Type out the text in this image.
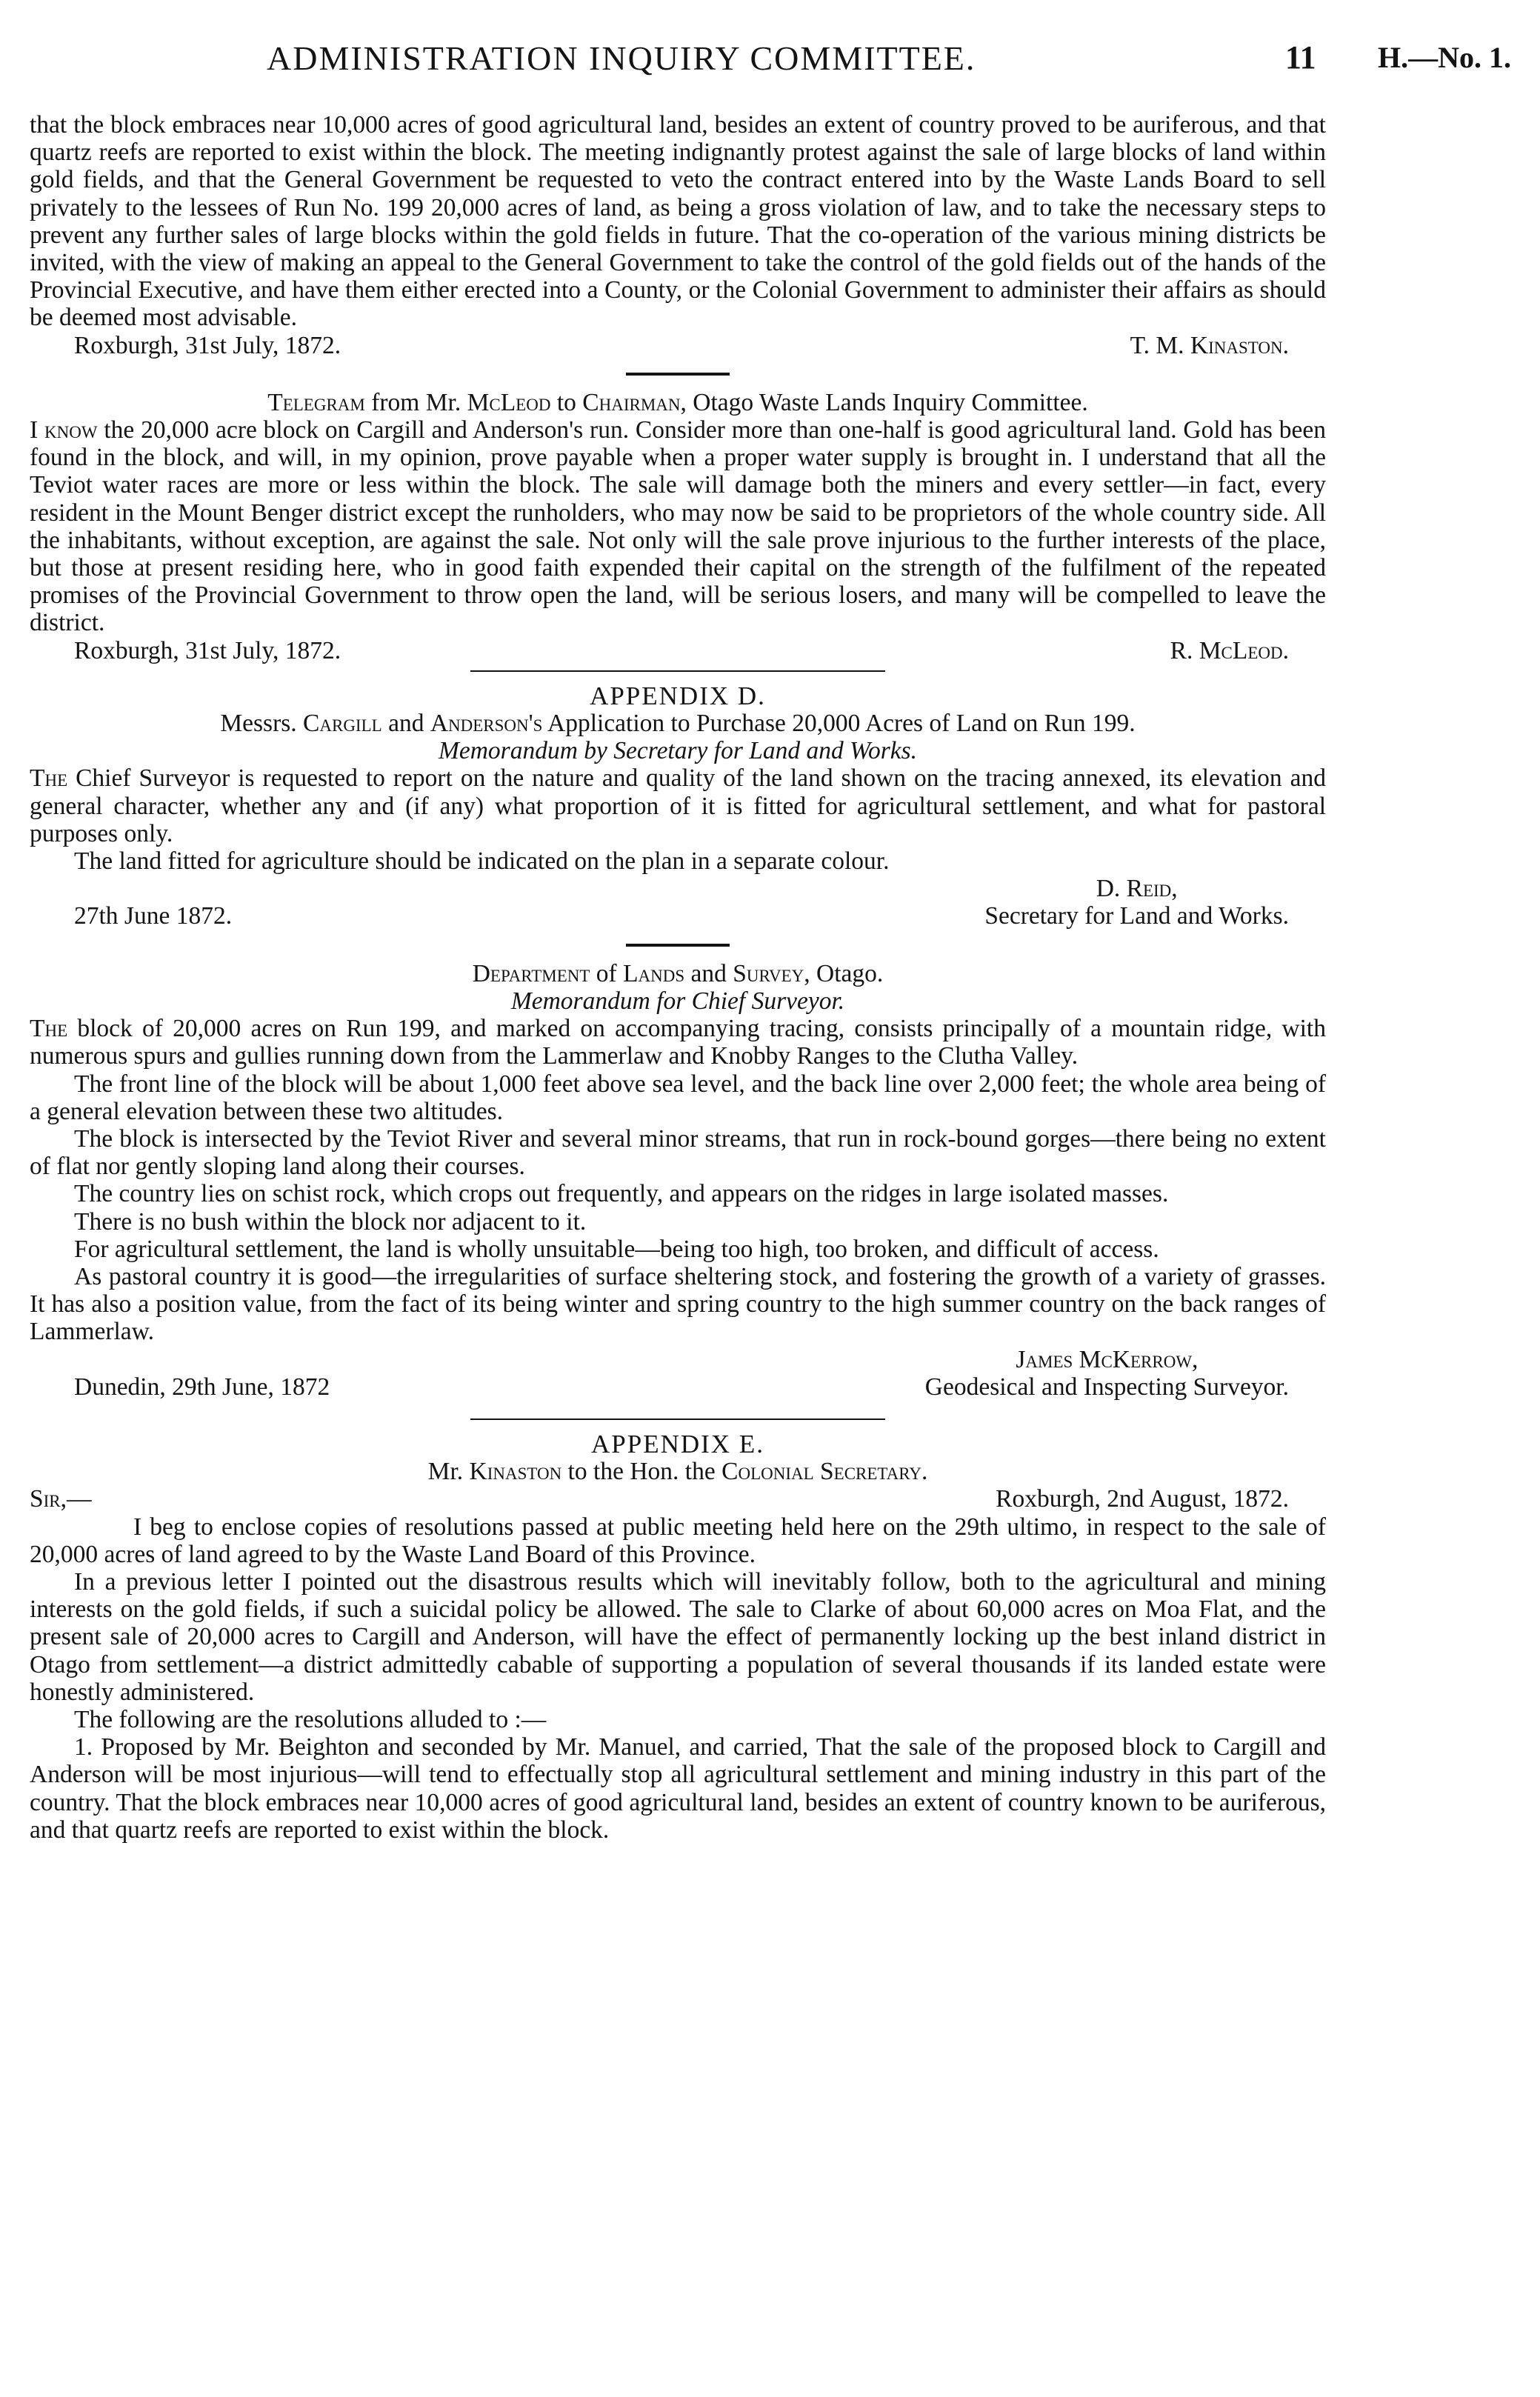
ADMINISTRATION INQUIRY COMMITTEE.	11 H.—No. 1.

that the block embraces near 10,000 acres of good agricultural land, besides an extent of country proved to be auriferous, and that quartz reefs are reported to exist within the block. The meeting indignantly protest against the sale of large blocks of land within gold fields, and that the General Government be requested to veto the contract entered into by the Waste Lands Board to sell privately to the lessees of Run No. 199 20,000 acres of land, as being a gross violation of law, and to take the necessary steps to prevent any further sales of large blocks within the gold fields in future. That the co-operation of the various mining districts be invited, with the view of making an appeal to the General Government to take the control of the gold fields out of the hands of the Provincial Executive, and have them either erected into a County, or the Colonial Government to administer their affairs as should be deemed most advisable.

Roxburgh, 31st July, 1872.	T. M. Kinaston.

Telegram from Mr. McLeod to Chairman, Otago Waste Lands Inquiry Committee.

I know the 20,000 acre block on Cargill and Anderson's run. Consider more than one-half is good agricultural land. Gold has been found in the block, and will, in my opinion, prove payable when a proper water supply is brought in. I understand that all the Teviot water races are more or less within the block. The sale will damage both the miners and every settler—in fact, every resident in the Mount Benger district except the runholders, who may now be said to be proprietors of the whole country side. All the inhabitants, without exception, are against the sale. Not only will the sale prove injurious to the further interests of the place, but those at present residing here, who in good faith expended their capital on the strength of the fulfilment of the repeated promises of the Provincial Government to throw open the land, will be serious losers, and many will be compelled to leave the district.

Roxburgh, 31st July, 1872.	R. McLeod.

APPENDIX D.

Messrs. Cargill and Anderson's Application to Purchase 20,000 Acres of Land on Run 199.

Memorandum by Secretary for Land and Works.

The Chief Surveyor is requested to report on the nature and quality of the land shown on the tracing annexed, its elevation and general character, whether any and (if any) what proportion of it is fitted for agricultural settlement, and what for pastoral purposes only.

The land fitted for agriculture should be indicated on the plan in a separate colour.

27th June 1872.
D. Reid,
Secretary for Land and Works.

Department of Lands and Survey, Otago.

Memorandum for Chief Surveyor.

The block of 20,000 acres on Run 199, and marked on accompanying tracing, consists principally of a mountain ridge, with numerous spurs and gullies running down from the Lammerlaw and Knobby Ranges to the Clutha Valley.

The front line of the block will be about 1,000 feet above sea level, and the back line over 2,000 feet; the whole area being of a general elevation between these two altitudes.

The block is intersected by the Teviot River and several minor streams, that run in rock-bound gorges—there being no extent of flat nor gently sloping land along their courses.

The country lies on schist rock, which crops out frequently, and appears on the ridges in large isolated masses.

There is no bush within the block nor adjacent to it.

For agricultural settlement, the land is wholly unsuitable—being too high, too broken, and difficult of access.

As pastoral country it is good—the irregularities of surface sheltering stock, and fostering the growth of a variety of grasses. It has also a position value, from the fact of its being winter and spring country to the high summer country on the back ranges of Lammerlaw.

Dunedin, 29th June, 1872
James McKerrow,
Geodesical and Inspecting Surveyor.

APPENDIX E.

Mr. Kinaston to the Hon. the Colonial Secretary.

Sir,—	Roxburgh, 2nd August, 1872.

I beg to enclose copies of resolutions passed at public meeting held here on the 29th ultimo, in respect to the sale of 20,000 acres of land agreed to by the Waste Land Board of this Province.

In a previous letter I pointed out the disastrous results which will inevitably follow, both to the agricultural and mining interests on the gold fields, if such a suicidal policy be allowed. The sale to Clarke of about 60,000 acres on Moa Flat, and the present sale of 20,000 acres to Cargill and Anderson, will have the effect of permanently locking up the best inland district in Otago from settlement—a district admittedly cabable of supporting a population of several thousands if its landed estate were honestly administered.

The following are the resolutions alluded to :—

1. Proposed by Mr. Beighton and seconded by Mr. Manuel, and carried, That the sale of the proposed block to Cargill and Anderson will be most injurious—will tend to effectually stop all agricultural settlement and mining industry in this part of the country. That the block embraces near 10,000 acres of good agricultural land, besides an extent of country known to be auriferous, and that quartz reefs are reported to exist within the block.
